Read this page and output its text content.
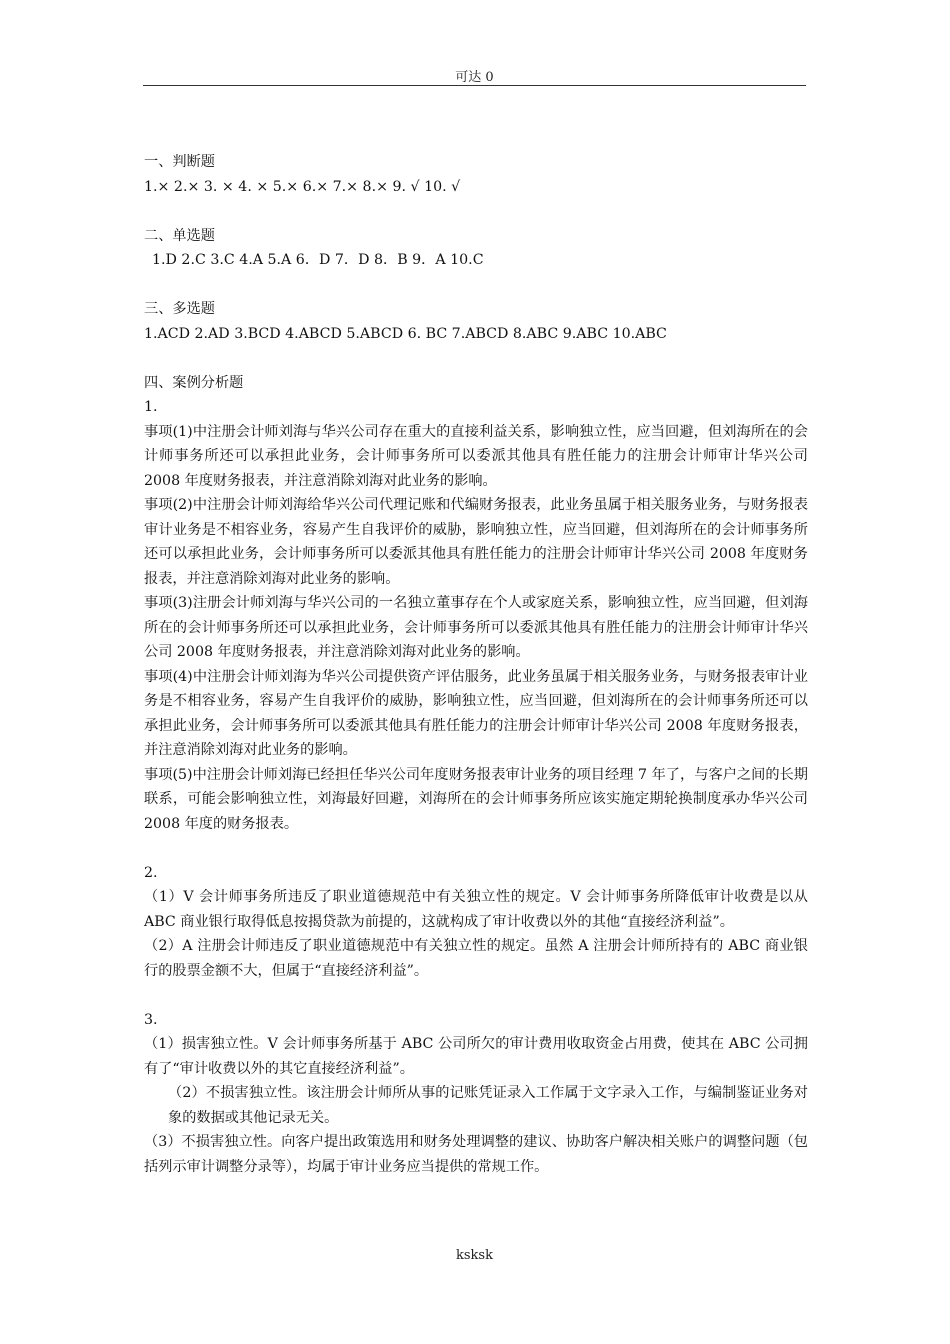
可达 0

一、判断题

1.× 2.× 3. × 4. × 5.× 6.× 7.× 8.× 9. √ 10. √

二、单选题

1.D 2.C 3.C 4.A 5.A 6．D 7．D 8．B 9．A 10.C

三、多选题

1.ACD 2.AD 3.BCD 4.ABCD 5.ABCD 6. BC 7.ABCD 8.ABC 9.ABC 10.ABC

四、案例分析题

1.

事项(1)中注册会计师刘海与华兴公司存在重大的直接利益关系，影响独立性，应当回避，但刘海所在的会计师事务所还可以承担此业务，会计师事务所可以委派其他具有胜任能力的注册会计师审计华兴公司 2008 年度财务报表，并注意消除刘海对此业务的影响。

事项(2)中注册会计师刘海给华兴公司代理记账和代编财务报表，此业务虽属于相关服务业务，与财务报表审计业务是不相容业务，容易产生自我评价的威胁，影响独立性，应当回避，但刘海所在的会计师事务所还可以承担此业务，会计师事务所可以委派其他具有胜任能力的注册会计师审计华兴公司 2008 年度财务报表，并注意消除刘海对此业务的影响。

事项(3)注册会计师刘海与华兴公司的一名独立董事存在个人或家庭关系，影响独立性，应当回避，但刘海所在的会计师事务所还可以承担此业务，会计师事务所可以委派其他具有胜任能力的注册会计师审计华兴公司 2008 年度财务报表，并注意消除刘海对此业务的影响。

事项(4)中注册会计师刘海为华兴公司提供资产评估服务，此业务虽属于相关服务业务，与财务报表审计业务是不相容业务，容易产生自我评价的威胁，影响独立性，应当回避，但刘海所在的会计师事务所还可以承担此业务，会计师事务所可以委派其他具有胜任能力的注册会计师审计华兴公司 2008 年度财务报表，并注意消除刘海对此业务的影响。

事项(5)中注册会计师刘海已经担任华兴公司年度财务报表审计业务的项目经理 7 年了，与客户之间的长期联系，可能会影响独立性，刘海最好回避，刘海所在的会计师事务所应该实施定期轮换制度承办华兴公司 2008 年度的财务报表。

2.

（1）V 会计师事务所违反了职业道德规范中有关独立性的规定。V 会计师事务所降低审计收费是以从 ABC 商业银行取得低息按揭贷款为前提的，这就构成了审计收费以外的其他“直接经济利益”。

（2）A 注册会计师违反了职业道德规范中有关独立性的规定。虽然 A 注册会计师所持有的 ABC 商业银行的股票金额不大，但属于“直接经济利益”。

3.

（1）损害独立性。V 会计师事务所基于 ABC 公司所欠的审计费用收取资金占用费，使其在 ABC 公司拥有了“审计收费以外的其它直接经济利益”。

（2）不损害独立性。该注册会计师所从事的记账凭证录入工作属于文字录入工作，与编制鉴证业务对象的数据或其他记录无关。

（3）不损害独立性。向客户提出政策选用和财务处理调整的建议、协助客户解决相关账户的调整问题（包括列示审计调整分录等），均属于审计业务应当提供的常规工作。

ksksk
